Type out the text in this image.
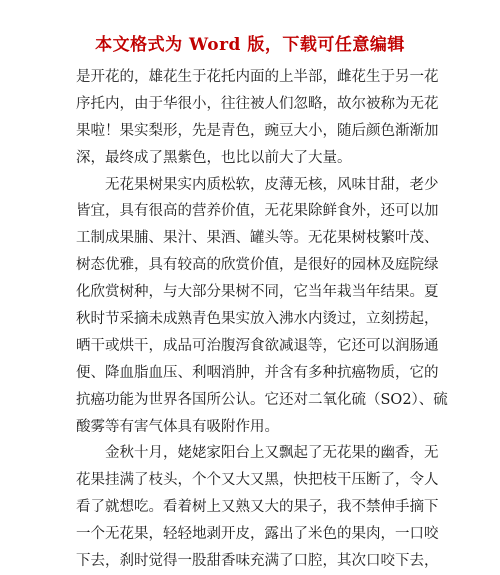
本文格式为 Word 版，下载可任意编辑
是开花的，雄花生于花托内面的上半部，雌花生于另一花
序托内，由于华很小，往往被人们忽略，故尔被称为无花
果啦！果实梨形，先是青色，豌豆大小，随后颜色渐渐加
深，最终成了黑紫色，也比以前大了大量。
无花果树果实内质松软，皮薄无核，风味甘甜，老少
皆宜，具有很高的营养价值，无花果除鲜食外，还可以加
工制成果脯、果汁、果酒、罐头等。无花果树枝繁叶茂、
树态优雅，具有较高的欣赏价值，是很好的园林及庭院绿
化欣赏树种，与大部分果树不同，它当年栽当年结果。夏
秋时节采摘未成熟青色果实放入沸水内烫过，立刻捞起，
晒干或烘干，成品可治腹泻食欲减退等，它还可以润肠通
便、降血脂血压、利咽消肿，并含有多种抗癌物质，它的
抗癌功能为世界各国所公认。它还对二氧化硫（SO2）、硫
酸雾等有害气体具有吸附作用。
金秋十月，姥姥家阳台上又飘起了无花果的幽香，无
花果挂满了枝头，个个又大又黑，快把枝干压断了，令人
看了就想吃。看着树上又熟又大的果子，我不禁伸手摘下
一个无花果，轻轻地剥开皮，露出了米色的果肉，一口咬
下去，刹时觉得一股甜香味充满了口腔，其次口咬下去，
